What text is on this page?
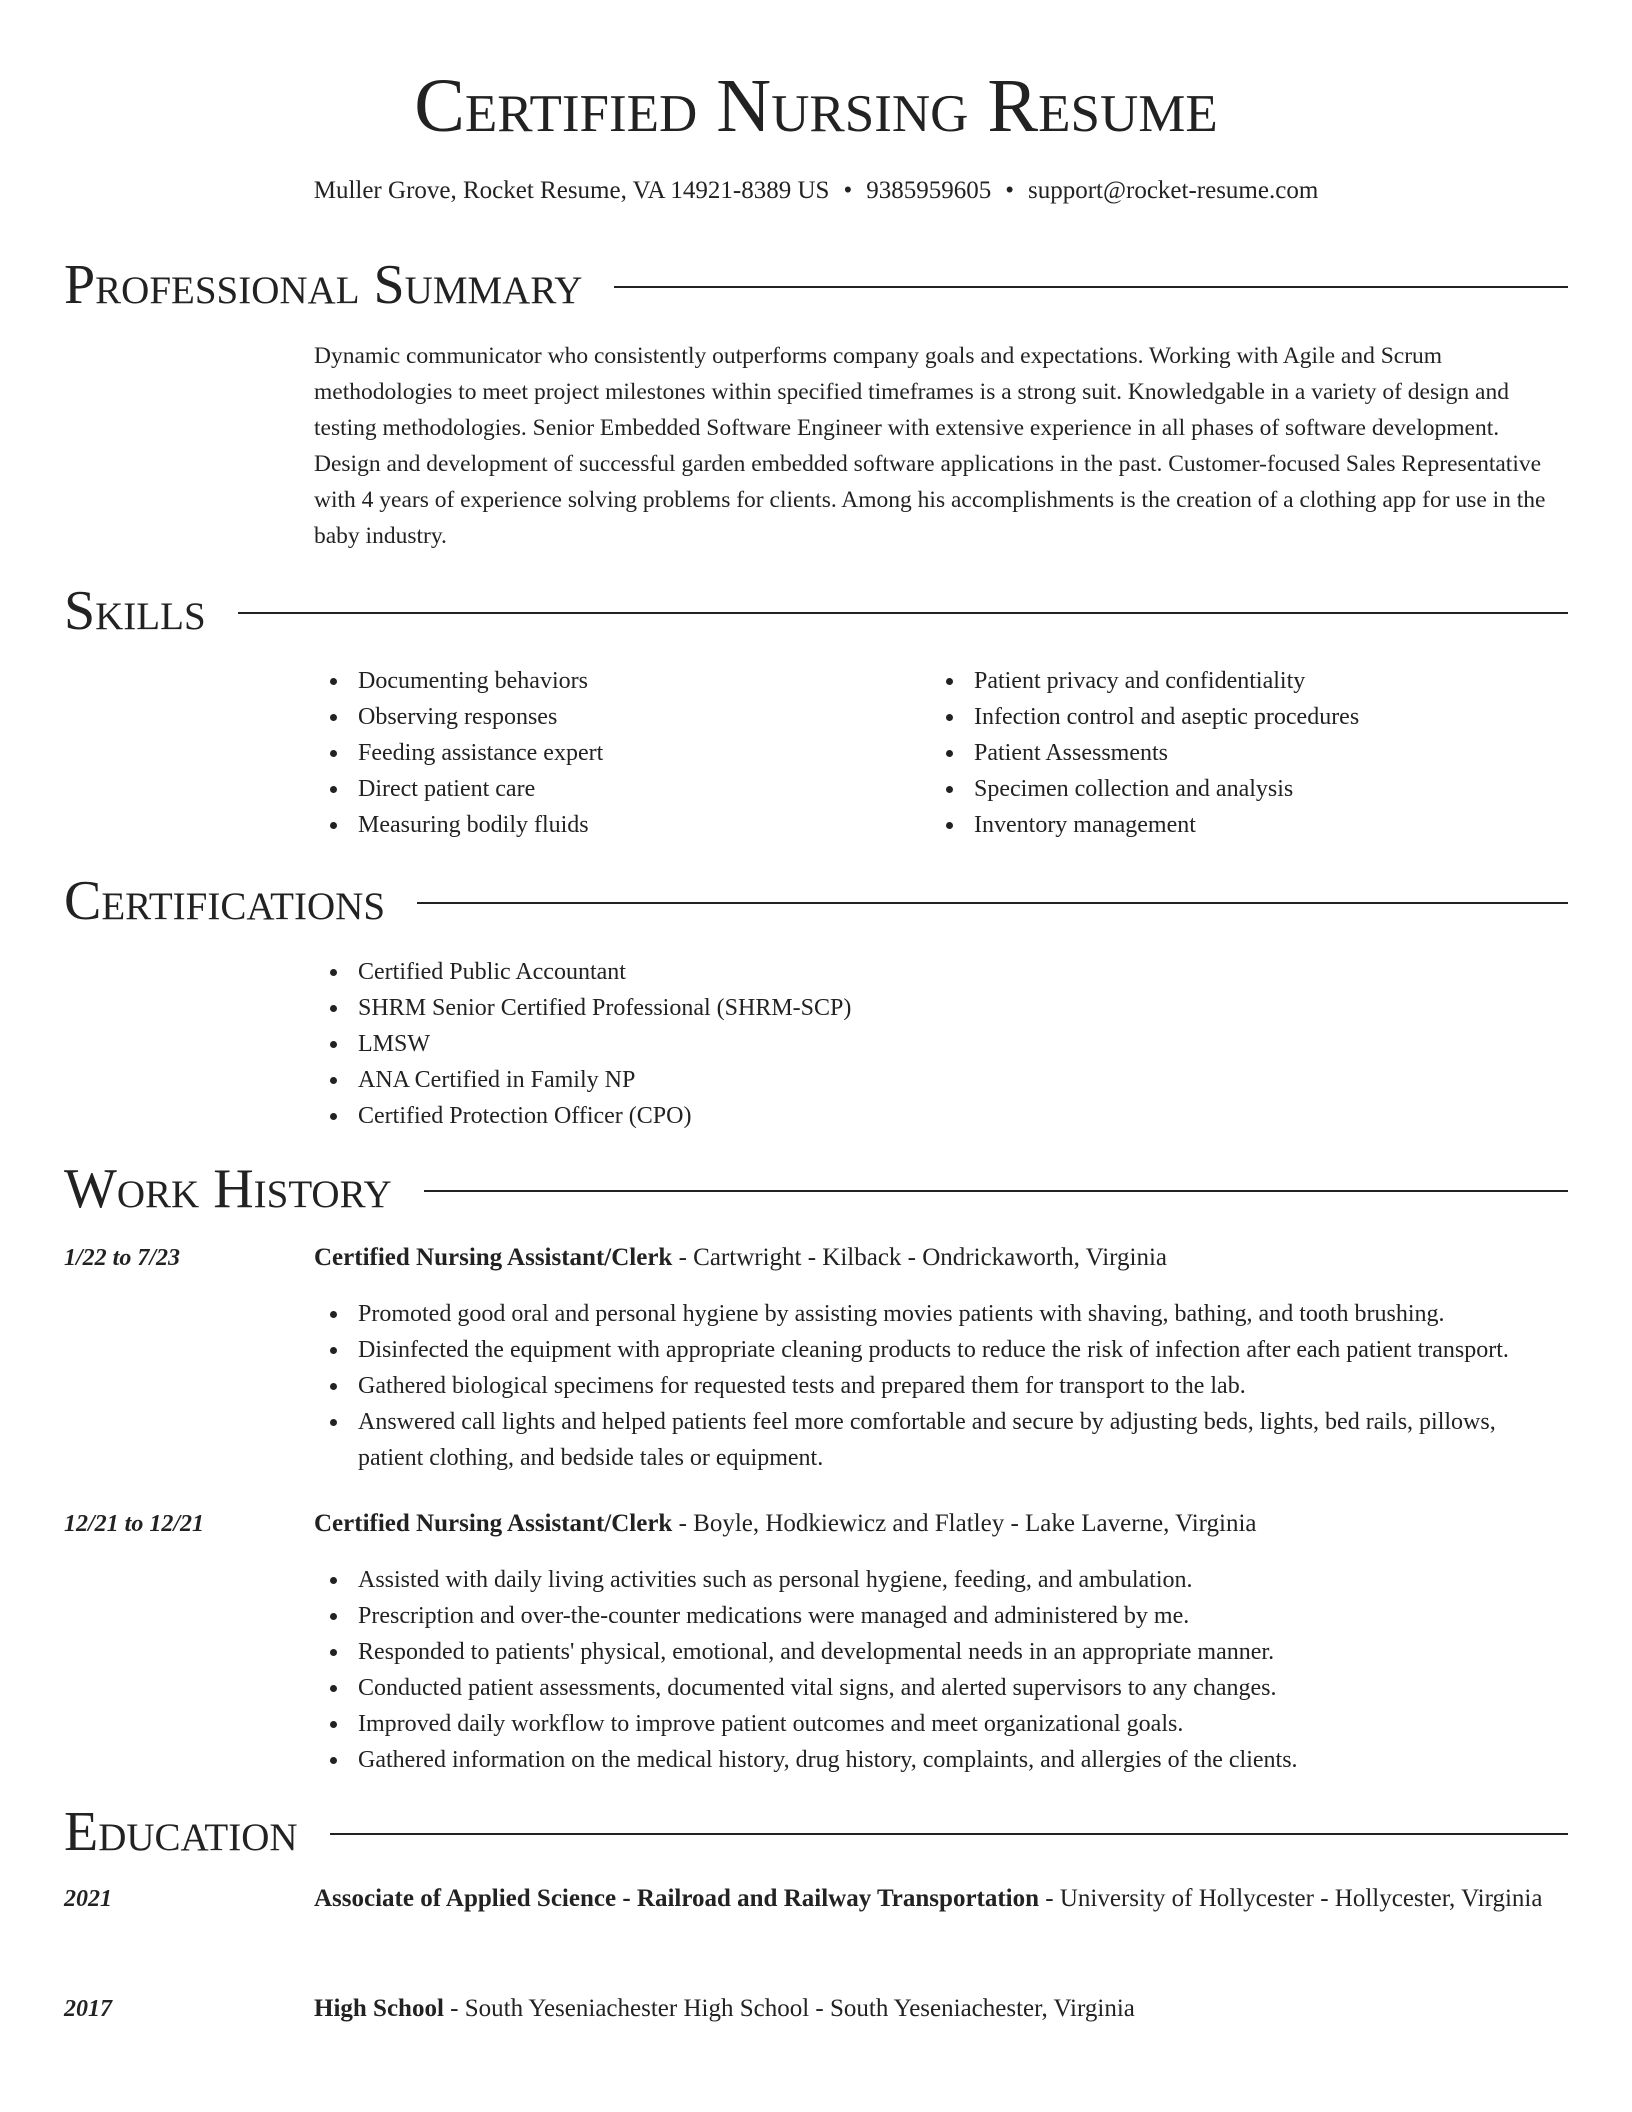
Certified Nursing Resume
Muller Grove, Rocket Resume, VA 14921-8389 US • 9385959605 • support@rocket-resume.com
Professional Summary

Dynamic communicator who consistently outperforms company goals and expectations. Working with Agile and Scrum methodologies to meet project milestones within specified timeframes is a strong suit. Knowledgable in a variety of design and testing methodologies. Senior Embedded Software Engineer with extensive experience in all phases of software development. Design and development of successful garden embedded software applications in the past. Customer-focused Sales Representative with 4 years of experience solving problems for clients. Among his accomplishments is the creation of a clothing app for use in the baby industry.

Skills
Documenting behaviors
Observing responses
Feeding assistance expert
Direct patient care
Measuring bodily fluids
Patient privacy and confidentiality
Infection control and aseptic procedures
Patient Assessments
Specimen collection and analysis
Inventory management
Certifications
Certified Public Accountant
SHRM Senior Certified Professional (SHRM-SCP)
LMSW
ANA Certified in Family NP
Certified Protection Officer (CPO)
Work History
1/22 to 7/23	Certified Nursing Assistant/Clerk - Cartwright - Kilback - Ondrickaworth, Virginia
Promoted good oral and personal hygiene by assisting movies patients with shaving, bathing, and tooth brushing.
Disinfected the equipment with appropriate cleaning products to reduce the risk of infection after each patient transport.
Gathered biological specimens for requested tests and prepared them for transport to the lab.
Answered call lights and helped patients feel more comfortable and secure by adjusting beds, lights, bed rails, pillows, patient clothing, and bedside tales or equipment.
12/21 to 12/21	Certified Nursing Assistant/Clerk - Boyle, Hodkiewicz and Flatley - Lake Laverne, Virginia
Assisted with daily living activities such as personal hygiene, feeding, and ambulation.
Prescription and over-the-counter medications were managed and administered by me.
Responded to patients' physical, emotional, and developmental needs in an appropriate manner.
Conducted patient assessments, documented vital signs, and alerted supervisors to any changes.
Improved daily workflow to improve patient outcomes and meet organizational goals.
Gathered information on the medical history, drug history, complaints, and allergies of the clients.
Education
2021	Associate of Applied Science - Railroad and Railway Transportation - University of Hollycester - Hollycester, Virginia
2017	High School - South Yeseniachester High School - South Yeseniachester, Virginia
